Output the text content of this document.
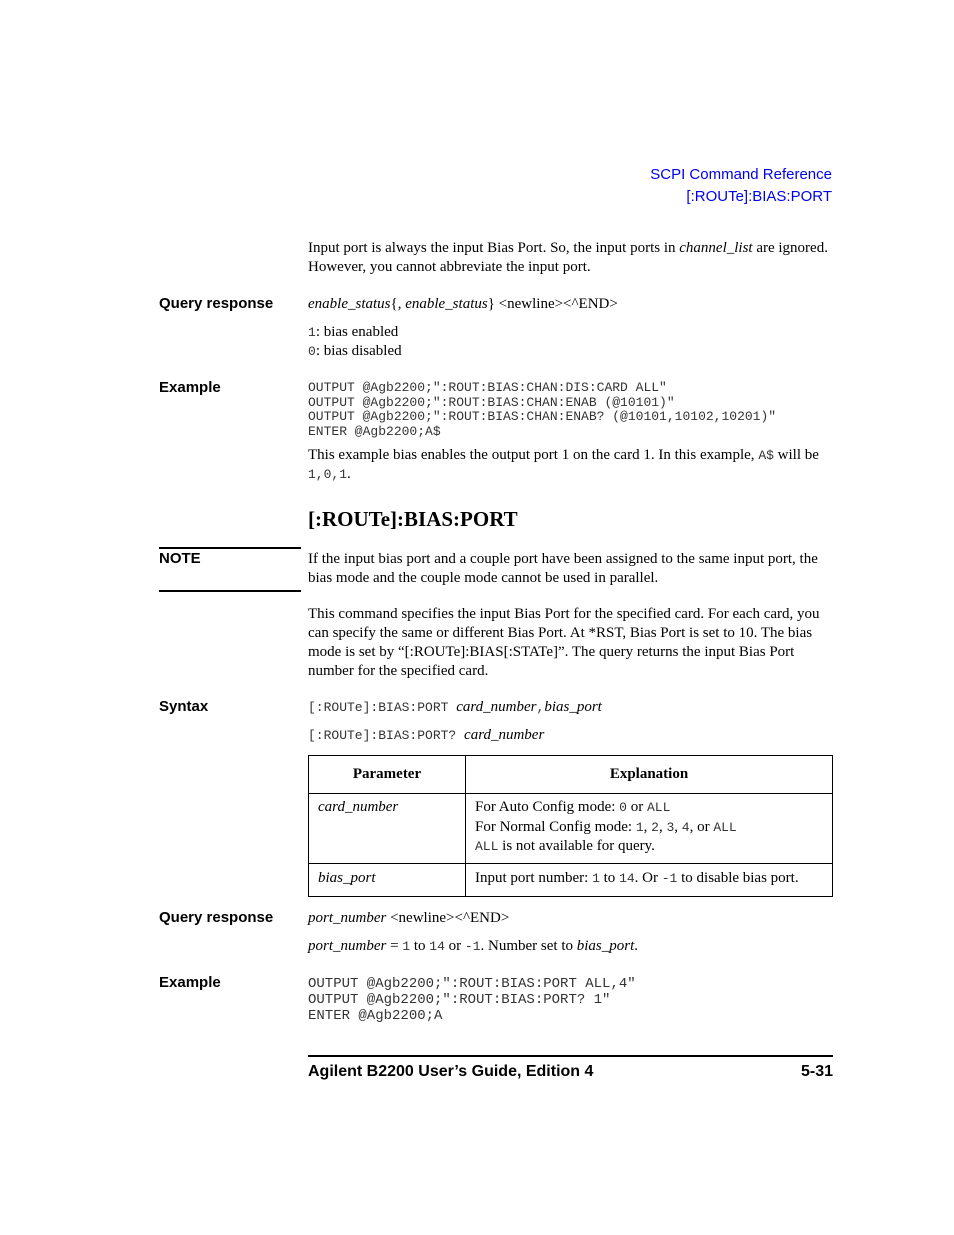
SCPI Command Reference
[:ROUTe]:BIAS:PORT
Input port is always the input Bias Port. So, the input ports in channel_list are ignored. However, you cannot abbreviate the input port.
Query response enable_status{, enable_status} <newline><^END>
1: bias enabled
0: bias disabled
Example	OUTPUT @Agb2200;":ROUT:BIAS:CHAN:DIS:CARD ALL"
OUTPUT @Agb2200;":ROUT:BIAS:CHAN:ENAB (@10101)"
OUTPUT @Agb2200;":ROUT:BIAS:CHAN:ENAB? (@10101,10102,10201)"
ENTER @Agb2200;A$
This example bias enables the output port 1 on the card 1. In this example, A$ will be 1,0,1.
[:ROUTe]:BIAS:PORT
NOTE	If the input bias port and a couple port have been assigned to the same input port, the bias mode and the couple mode cannot be used in parallel.
This command specifies the input Bias Port for the specified card. For each card, you can specify the same or different Bias Port. At *RST, Bias Port is set to 10. The bias mode is set by “[:ROUTe]:BIAS[:STATe]”. The query returns the input Bias Port number for the specified card.
Syntax	[:ROUTe]:BIAS:PORT card_number,bias_port
[:ROUTe]:BIAS:PORT? card_number
Parameter	Explanation
card_number	For Auto Config mode: 0 or ALL
For Normal Config mode: 1, 2, 3, 4, or ALL
ALL is not available for query.

bias_port	Input port number: 1 to 14. Or -1 to disable bias port.
Query response port_number <newline><^END>
port_number = 1 to 14 or -1. Number set to bias_port.
Example	OUTPUT @Agb2200;":ROUT:BIAS:PORT ALL,4"
OUTPUT @Agb2200;":ROUT:BIAS:PORT? 1"
ENTER @Agb2200;A
Agilent B2200 User’s Guide, Edition 4	5-31
